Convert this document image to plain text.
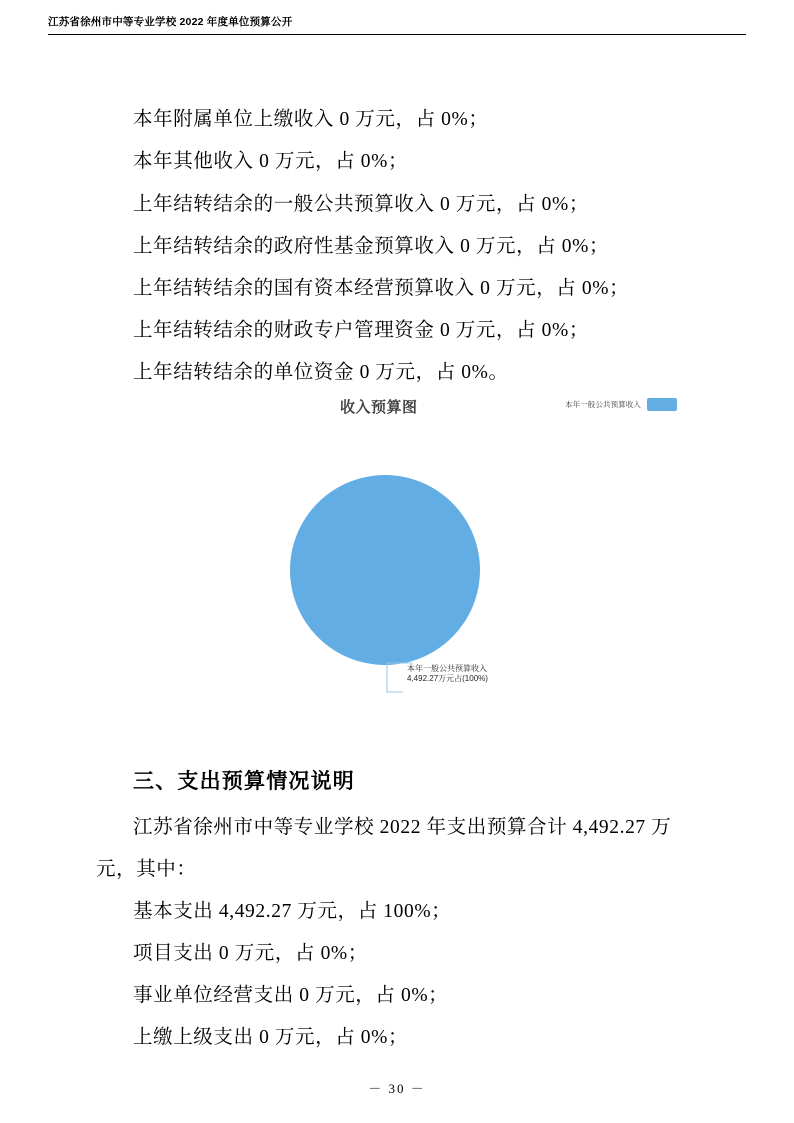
江苏省徐州市中等专业学校 2022 年度单位预算公开
本年附属单位上缴收入 0 万元，占 0%；
本年其他收入 0 万元，占 0%；
上年结转结余的一般公共预算收入 0 万元，占 0%；
上年结转结余的政府性基金预算收入 0 万元，占 0%；
上年结转结余的国有资本经营预算收入 0 万元，占 0%；
上年结转结余的财政专户管理资金 0 万元，占 0%；
上年结转结余的单位资金 0 万元，占 0%。
收入预算图	本年一般公共预算收入
本年一般公共预算收入
4,492.27万元占(100%)
三、支出预算情况说明
江苏省徐州市中等专业学校 2022 年支出预算合计 4,492.27 万
元，其中：
基本支出 4,492.27 万元，占 100%；
项目支出 0 万元，占 0%；
事业单位经营支出 0 万元，占 0%；
上缴上级支出 0 万元，占 0%；
－ 30 －
